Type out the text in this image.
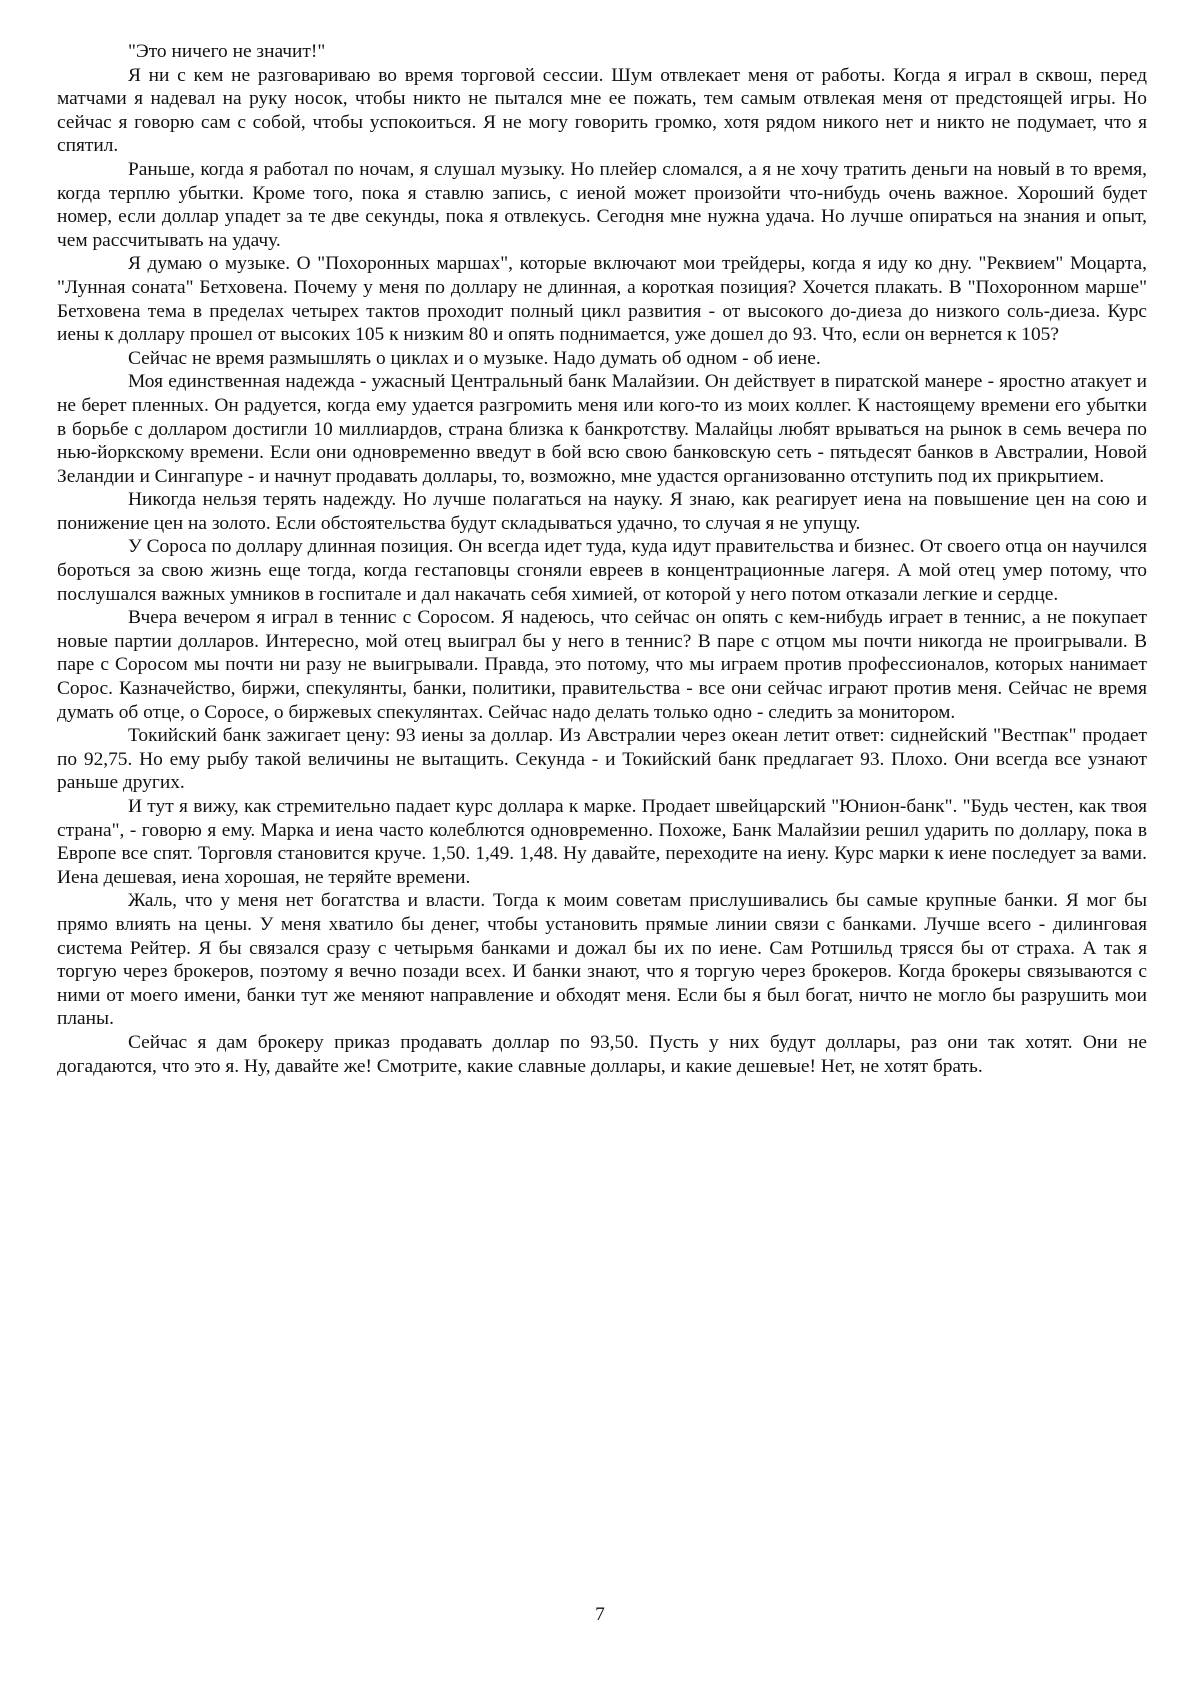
"Это ничего не значит!"

Я ни с кем не разговариваю во время торговой сессии. Шум отвлекает меня от работы. Когда я играл в сквош, перед матчами я надевал на руку носок, чтобы никто не пытался мне ее пожать, тем самым отвлекая меня от предстоящей игры. Но сейчас я говорю сам с собой, чтобы успокоиться. Я не могу говорить громко, хотя рядом никого нет и никто не подумает, что я спятил.

Раньше, когда я работал по ночам, я слушал музыку. Но плейер сломался, а я не хочу тратить деньги на новый в то время, когда терплю убытки. Кроме того, пока я ставлю запись, с иеной может произойти что-нибудь очень важное. Хороший будет номер, если доллар упадет за те две секунды, пока я отвлекусь. Сегодня мне нужна удача. Но лучше опираться на знания и опыт, чем рассчитывать на удачу.

Я думаю о музыке. О "Похоронных маршах", которые включают мои трейдеры, когда я иду ко дну. "Реквием" Моцарта, "Лунная соната" Бетховена. Почему у меня по доллару не длинная, а короткая позиция? Хочется плакать. В "Похоронном марше" Бетховена тема в пределах четырех тактов проходит полный цикл развития - от высокого до-диеза до низкого соль-диеза. Курс иены к доллару прошел от высоких 105 к низким 80 и опять поднимается, уже дошел до 93. Что, если он вернется к 105?

Сейчас не время размышлять о циклах и о музыке. Надо думать об одном - об иене.

Моя единственная надежда - ужасный Центральный банк Малайзии. Он действует в пиратской манере - яростно атакует и не берет пленных. Он радуется, когда ему удается разгромить меня или кого-то из моих коллег. К настоящему времени его убытки в борьбе с долларом достигли 10 миллиардов, страна близка к банкротству. Малайцы любят врываться на рынок в семь вечера по нью-йоркскому времени. Если они одновременно введут в бой всю свою банковскую сеть - пятьдесят банков в Австралии, Новой Зеландии и Сингапуре - и начнут продавать доллары, то, возможно, мне удастся организованно отступить под их прикрытием.

Никогда нельзя терять надежду. Но лучше полагаться на науку. Я знаю, как реагирует иена на повышение цен на сою и понижение цен на золото. Если обстоятельства будут складываться удачно, то случая я не упущу.

У Сороса по доллару длинная позиция. Он всегда идет туда, куда идут правительства и бизнес. От своего отца он научился бороться за свою жизнь еще тогда, когда гестаповцы сгоняли евреев в концентрационные лагеря. А мой отец умер потому, что послушался важных умников в госпитале и дал накачать себя химией, от которой у него потом отказали легкие и сердце.

Вчера вечером я играл в теннис с Соросом. Я надеюсь, что сейчас он опять с кем-нибудь играет в теннис, а не покупает новые партии долларов. Интересно, мой отец выиграл бы у него в теннис? В паре с отцом мы почти никогда не проигрывали. В паре с Соросом мы почти ни разу не выигрывали. Правда, это потому, что мы играем против профессионалов, которых нанимает Сорос. Казначейство, биржи, спекулянты, банки, политики, правительства - все они сейчас играют против меня. Сейчас не время думать об отце, о Соросе, о биржевых спекулянтах. Сейчас надо делать только одно - следить за монитором.

Токийский банк зажигает цену: 93 иены за доллар. Из Австралии через океан летит ответ: сиднейский "Вестпак" продает по 92,75. Но ему рыбу такой величины не вытащить. Секунда - и Токийский банк предлагает 93. Плохо. Они всегда все узнают раньше других.

И тут я вижу, как стремительно падает курс доллара к марке. Продает швейцарский "Юнион-банк". "Будь честен, как твоя страна", - говорю я ему. Марка и иена часто колеблются одновременно. Похоже, Банк Малайзии решил ударить по доллару, пока в Европе все спят. Торговля становится круче. 1,50. 1,49. 1,48. Ну давайте, переходите на иену. Курс марки к иене последует за вами. Иена дешевая, иена хорошая, не теряйте времени.

Жаль, что у меня нет богатства и власти. Тогда к моим советам прислушивались бы самые крупные банки. Я мог бы прямо влиять на цены. У меня хватило бы денег, чтобы установить прямые линии связи с банками. Лучше всего - дилинговая система Рейтер. Я бы связался сразу с четырьмя банками и дожал бы их по иене. Сам Ротшильд трясся бы от страха. А так я торгую через брокеров, поэтому я вечно позади всех. И банки знают, что я торгую через брокеров. Когда брокеры связываются с ними от моего имени, банки тут же меняют направление и обходят меня. Если бы я был богат, ничто не могло бы разрушить мои планы.

Сейчас я дам брокеру приказ продавать доллар по 93,50. Пусть у них будут доллары, раз они так хотят. Они не догадаются, что это я. Ну, давайте же! Смотрите, какие славные доллары, и какие дешевые! Нет, не хотят брать.

7
